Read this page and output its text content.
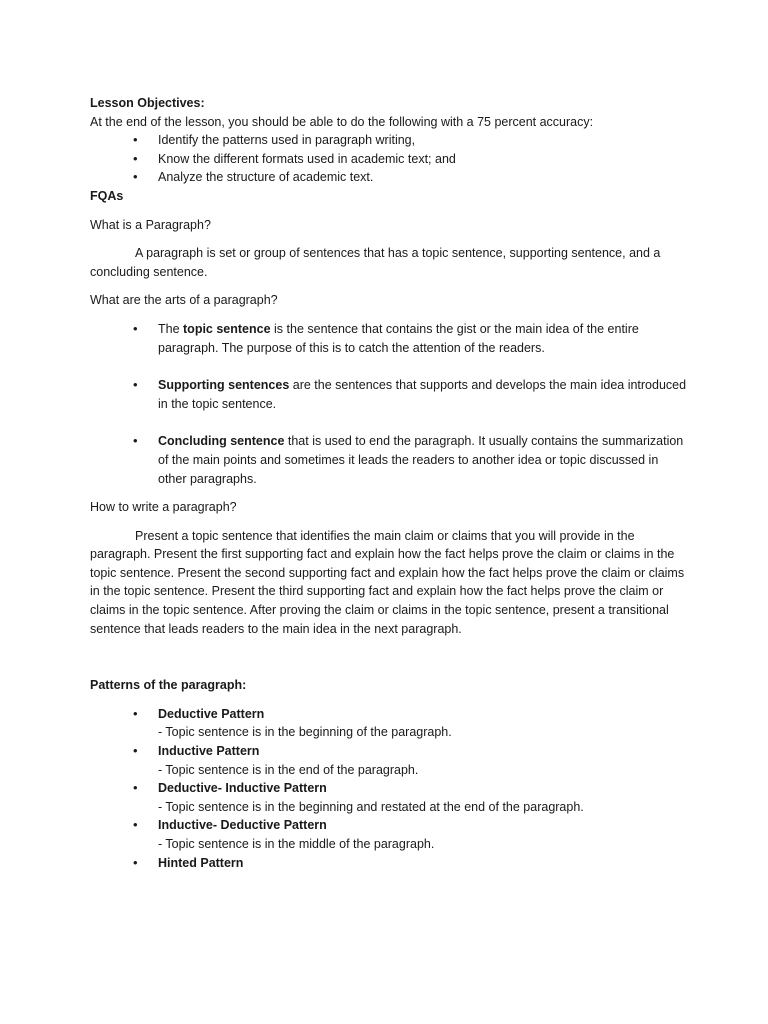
Lesson Objectives:

At the end of the lesson, you should be able to do the following with a 75 percent accuracy:

• Identify the patterns used in paragraph writing,
• Know the different formats used in academic text; and
• Analyze the structure of academic text.

FQAs

What is a Paragraph?

A paragraph is set or group of sentences that has a topic sentence, supporting sentence, and a concluding sentence.

What are the arts of a paragraph?

• The topic sentence is the sentence that contains the gist or the main idea of the entire paragraph. The purpose of this is to catch the attention of the readers.
• Supporting sentences are the sentences that supports and develops the main idea introduced in the topic sentence.
• Concluding sentence that is used to end the paragraph. It usually contains the summarization of the main points and sometimes it leads the readers to another idea or topic discussed in other paragraphs.

How to write a paragraph?

Present a topic sentence that identifies the main claim or claims that you will provide in the paragraph. Present the first supporting fact and explain how the fact helps prove the claim or claims in the topic sentence. Present the second supporting fact and explain how the fact helps prove the claim or claims in the topic sentence. Present the third supporting fact and explain how the fact helps prove the claim or claims in the topic sentence. After proving the claim or claims in the topic sentence, present a transitional sentence that leads readers to the main idea in the next paragraph.

Patterns of the paragraph:

• Deductive Pattern
- Topic sentence is in the beginning of the paragraph.
• Inductive Pattern
- Topic sentence is in the end of the paragraph.
• Deductive- Inductive Pattern
- Topic sentence is in the beginning and restated at the end of the paragraph.
• Inductive- Deductive Pattern
- Topic sentence is in the middle of the paragraph.
• Hinted Pattern
